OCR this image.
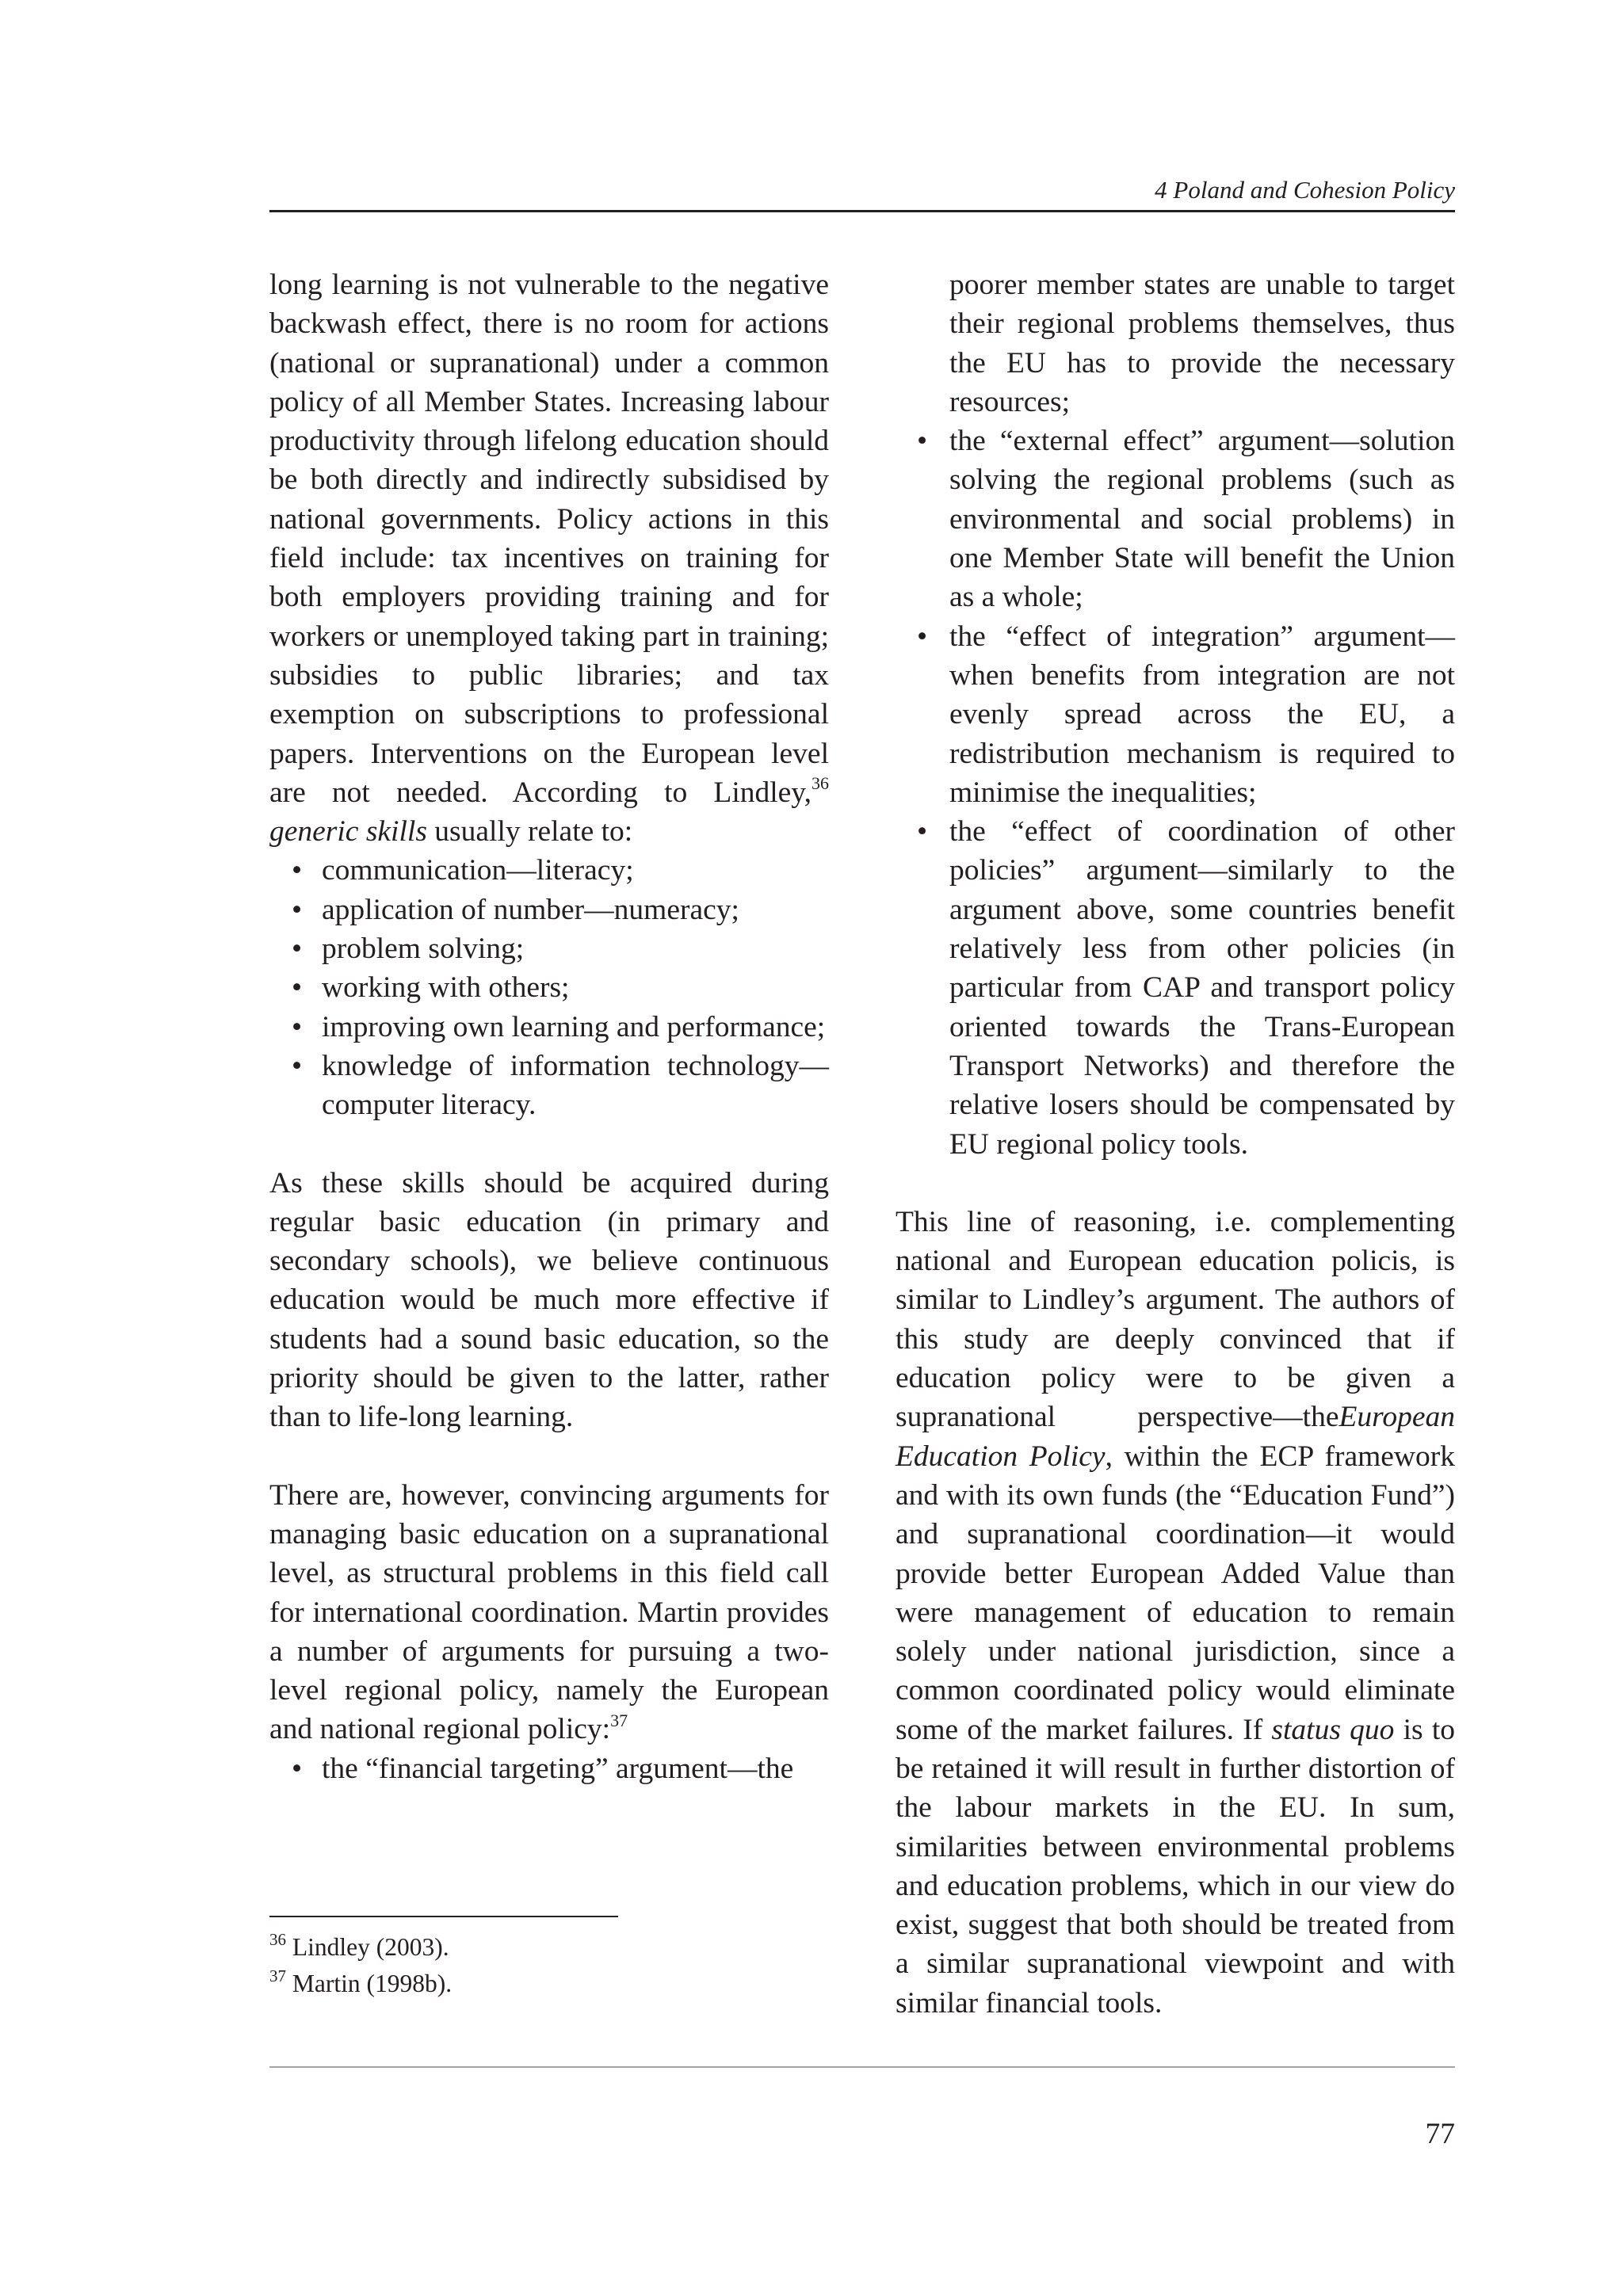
4 Poland and Cohesion Policy

long learning is not vulnerable to the negative backwash effect, there is no room for actions (national or supranational) under a common policy of all Member States. Increasing labour productivity through lifelong education should be both directly and indirectly subsidised by national governments. Policy actions in this field include: tax incentives on training for both employers providing training and for workers or unemployed taking part in training; subsidies to public libraries; and tax exemption on subscriptions to professional papers. Interventions on the European level are not needed. According to Lindley,$^{36}$ generic skills usually relate to:

• communication—literacy;
• application of number—numeracy;
• problem solving;
• working with others;
• improving own learning and performance;
• knowledge of information technology—computer literacy.

As these skills should be acquired during regular basic education (in primary and secondary schools), we believe continuous education would be much more effective if students had a sound basic education, so the priority should be given to the latter, rather than to life-long learning.

There are, however, convincing arguments for managing basic education on a supranational level, as structural problems in this field call for international coordination. Martin provides a number of arguments for pursuing a two-level regional policy, namely the European and national regional policy:$^{37}$

• the “financial targeting” argument—the
poorer member states are unable to target their regional problems themselves, thus the EU has to provide the necessary resources;
• the “external effect” argument—solution solving the regional problems (such as environmental and social problems) in one Member State will benefit the Union as a whole;
• the “effect of integration” argument—when benefits from integration are not evenly spread across the EU, a redistribution mechanism is required to minimise the inequalities;
• the “effect of coordination of other policies” argument—similarly to the argument above, some countries benefit relatively less from other policies (in particular from CAP and transport policy oriented towards the Trans-European Transport Networks) and therefore the relative losers should be compensated by EU regional policy tools.

This line of reasoning, i.e. complementing national and European education policis, is similar to Lindley’s argument. The authors of this study are deeply convinced that if education policy were to be given a supranational perspective—theEuropean Education Policy, within the ECP framework and with its own funds (the “Education Fund”) and supranational coordination—it would provide better European Added Value than were management of education to remain solely under national jurisdiction, since a common coordinated policy would eliminate some of the market failures. If status quo is to be retained it will result in further distortion of the labour markets in the EU. In sum, similarities between environmental problems and education problems, which in our view do exist, suggest that both should be treated from a similar supranational viewpoint and with similar financial tools.

$^{36}$ Lindley (2003).
$^{37}$ Martin (1998b).
77
